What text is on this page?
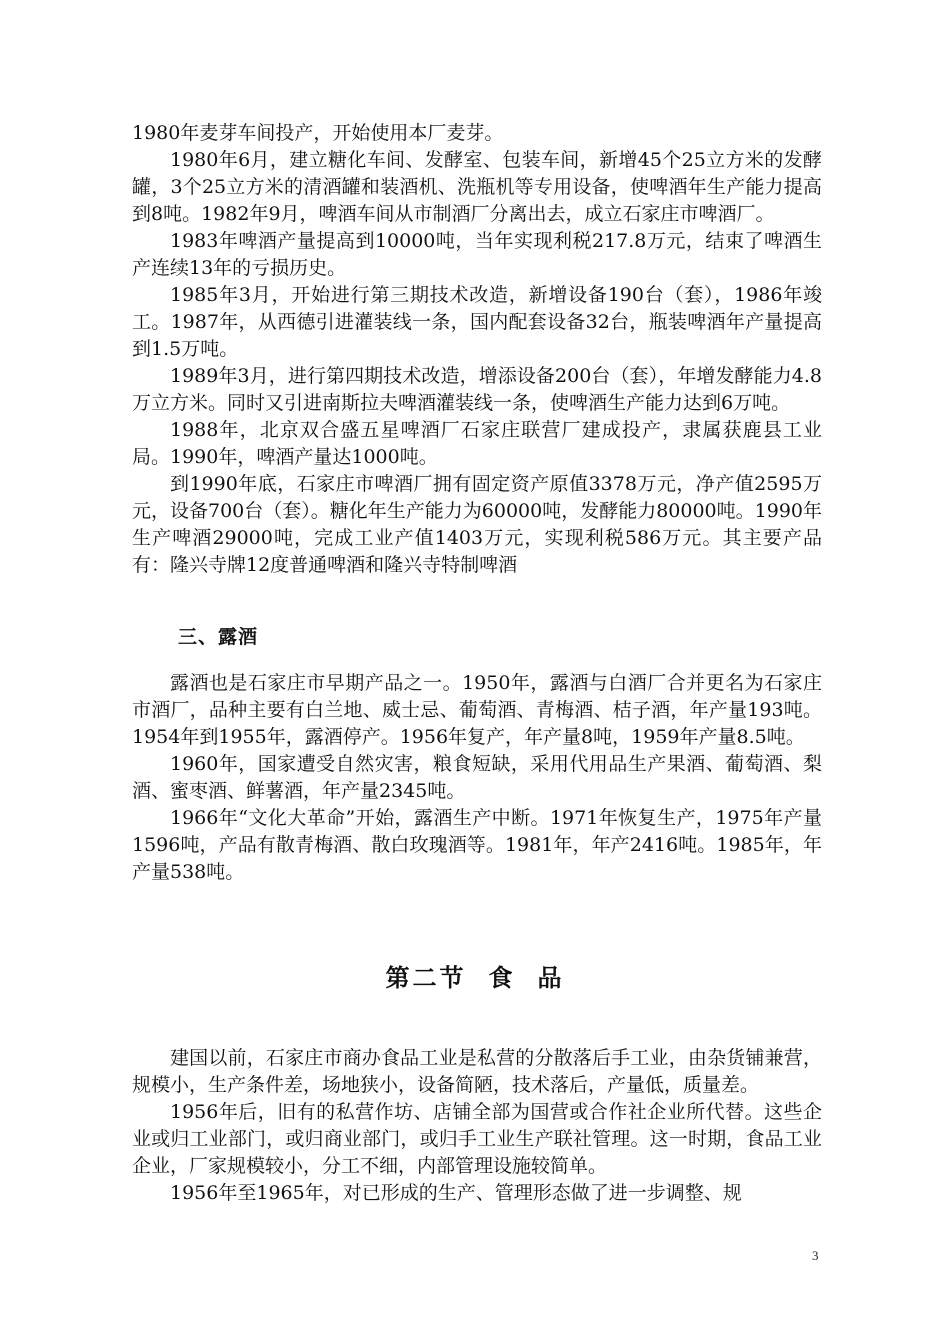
1980年麦芽车间投产，开始使用本厂麦芽。

1980年6月，建立糖化车间、发酵室、包装车间，新增45个25立方米的发酵罐，3个25立方米的清酒罐和装酒机、洗瓶机等专用设备，使啤酒年生产能力提高到8吨。1982年9月，啤酒车间从市制酒厂分离出去，成立石家庄市啤酒厂。

1983年啤酒产量提高到10000吨，当年实现利税217.8万元，结束了啤酒生产连续13年的亏损历史。

1985年3月，开始进行第三期技术改造，新增设备190台（套），1986年竣工。1987年，从西德引进灌装线一条，国内配套设备32台，瓶装啤酒年产量提高到1.5万吨。

1989年3月，进行第四期技术改造，增添设备200台（套），年增发酵能力4.8万立方米。同时又引进南斯拉夫啤酒灌装线一条，使啤酒生产能力达到6万吨。

1988年，北京双合盛五星啤酒厂石家庄联营厂建成投产，隶属获鹿县工业局。1990年，啤酒产量达1000吨。

到1990年底，石家庄市啤酒厂拥有固定资产原值3378万元，净产值2595万元，设备700台（套）。糖化年生产能力为60000吨，发酵能力80000吨。1990年生产啤酒29000吨，完成工业产值1403万元，实现利税586万元。其主要产品有：隆兴寺牌12度普通啤酒和隆兴寺特制啤酒

三、露酒

露酒也是石家庄市早期产品之一。1950年，露酒与白酒厂合并更名为石家庄市酒厂，品种主要有白兰地、威士忌、葡萄酒、青梅酒、桔子酒，年产量193吨。1954年到1955年，露酒停产。1956年复产，年产量8吨，1959年产量8.5吨。

1960年，国家遭受自然灾害，粮食短缺，采用代用品生产果酒、葡萄酒、梨酒、蜜枣酒、鲜薯酒，年产量2345吨。

1966年“文化大革命”开始，露酒生产中断。1971年恢复生产，1975年产量1596吨，产品有散青梅酒、散白玫瑰酒等。1981年，年产2416吨。1985年，年产量538吨。

第二节 食 品

建国以前，石家庄市商办食品工业是私营的分散落后手工业，由杂货铺兼营，规模小，生产条件差，场地狭小，设备简陋，技术落后，产量低，质量差。

1956年后，旧有的私营作坊、店铺全部为国营或合作社企业所代替。这些企业或归工业部门，或归商业部门，或归手工业生产联社管理。这一时期，食品工业企业，厂家规模较小，分工不细，内部管理设施较简单。

1956年至1965年，对已形成的生产、管理形态做了进一步调整、规

3
